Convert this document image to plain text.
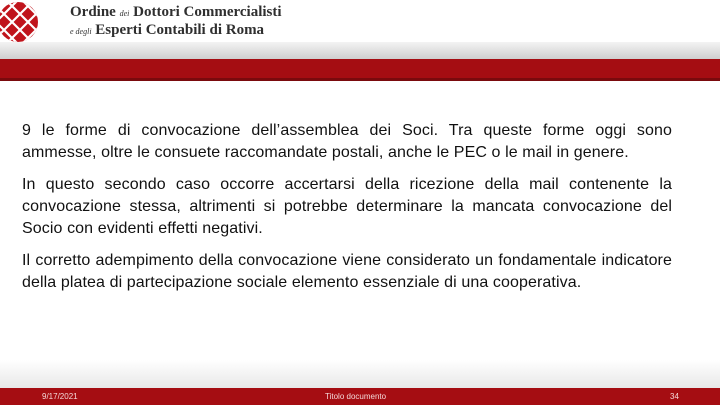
Ordine dei Dottori Commercialisti
e degli Esperti Contabili di Roma

9 le forme di convocazione dell’assemblea dei Soci. Tra queste forme oggi sono ammesse, oltre le consuete raccomandate postali, anche le PEC o le mail in genere.

In questo secondo caso occorre accertarsi della ricezione della mail contenente la convocazione stessa, altrimenti si potrebbe determinare la mancata convocazione del Socio con evidenti effetti negativi.

Il corretto adempimento della convocazione viene considerato un fondamentale indicatore della platea di partecipazione sociale elemento essenziale di una cooperativa.

9/17/2021	Titolo documento	34
